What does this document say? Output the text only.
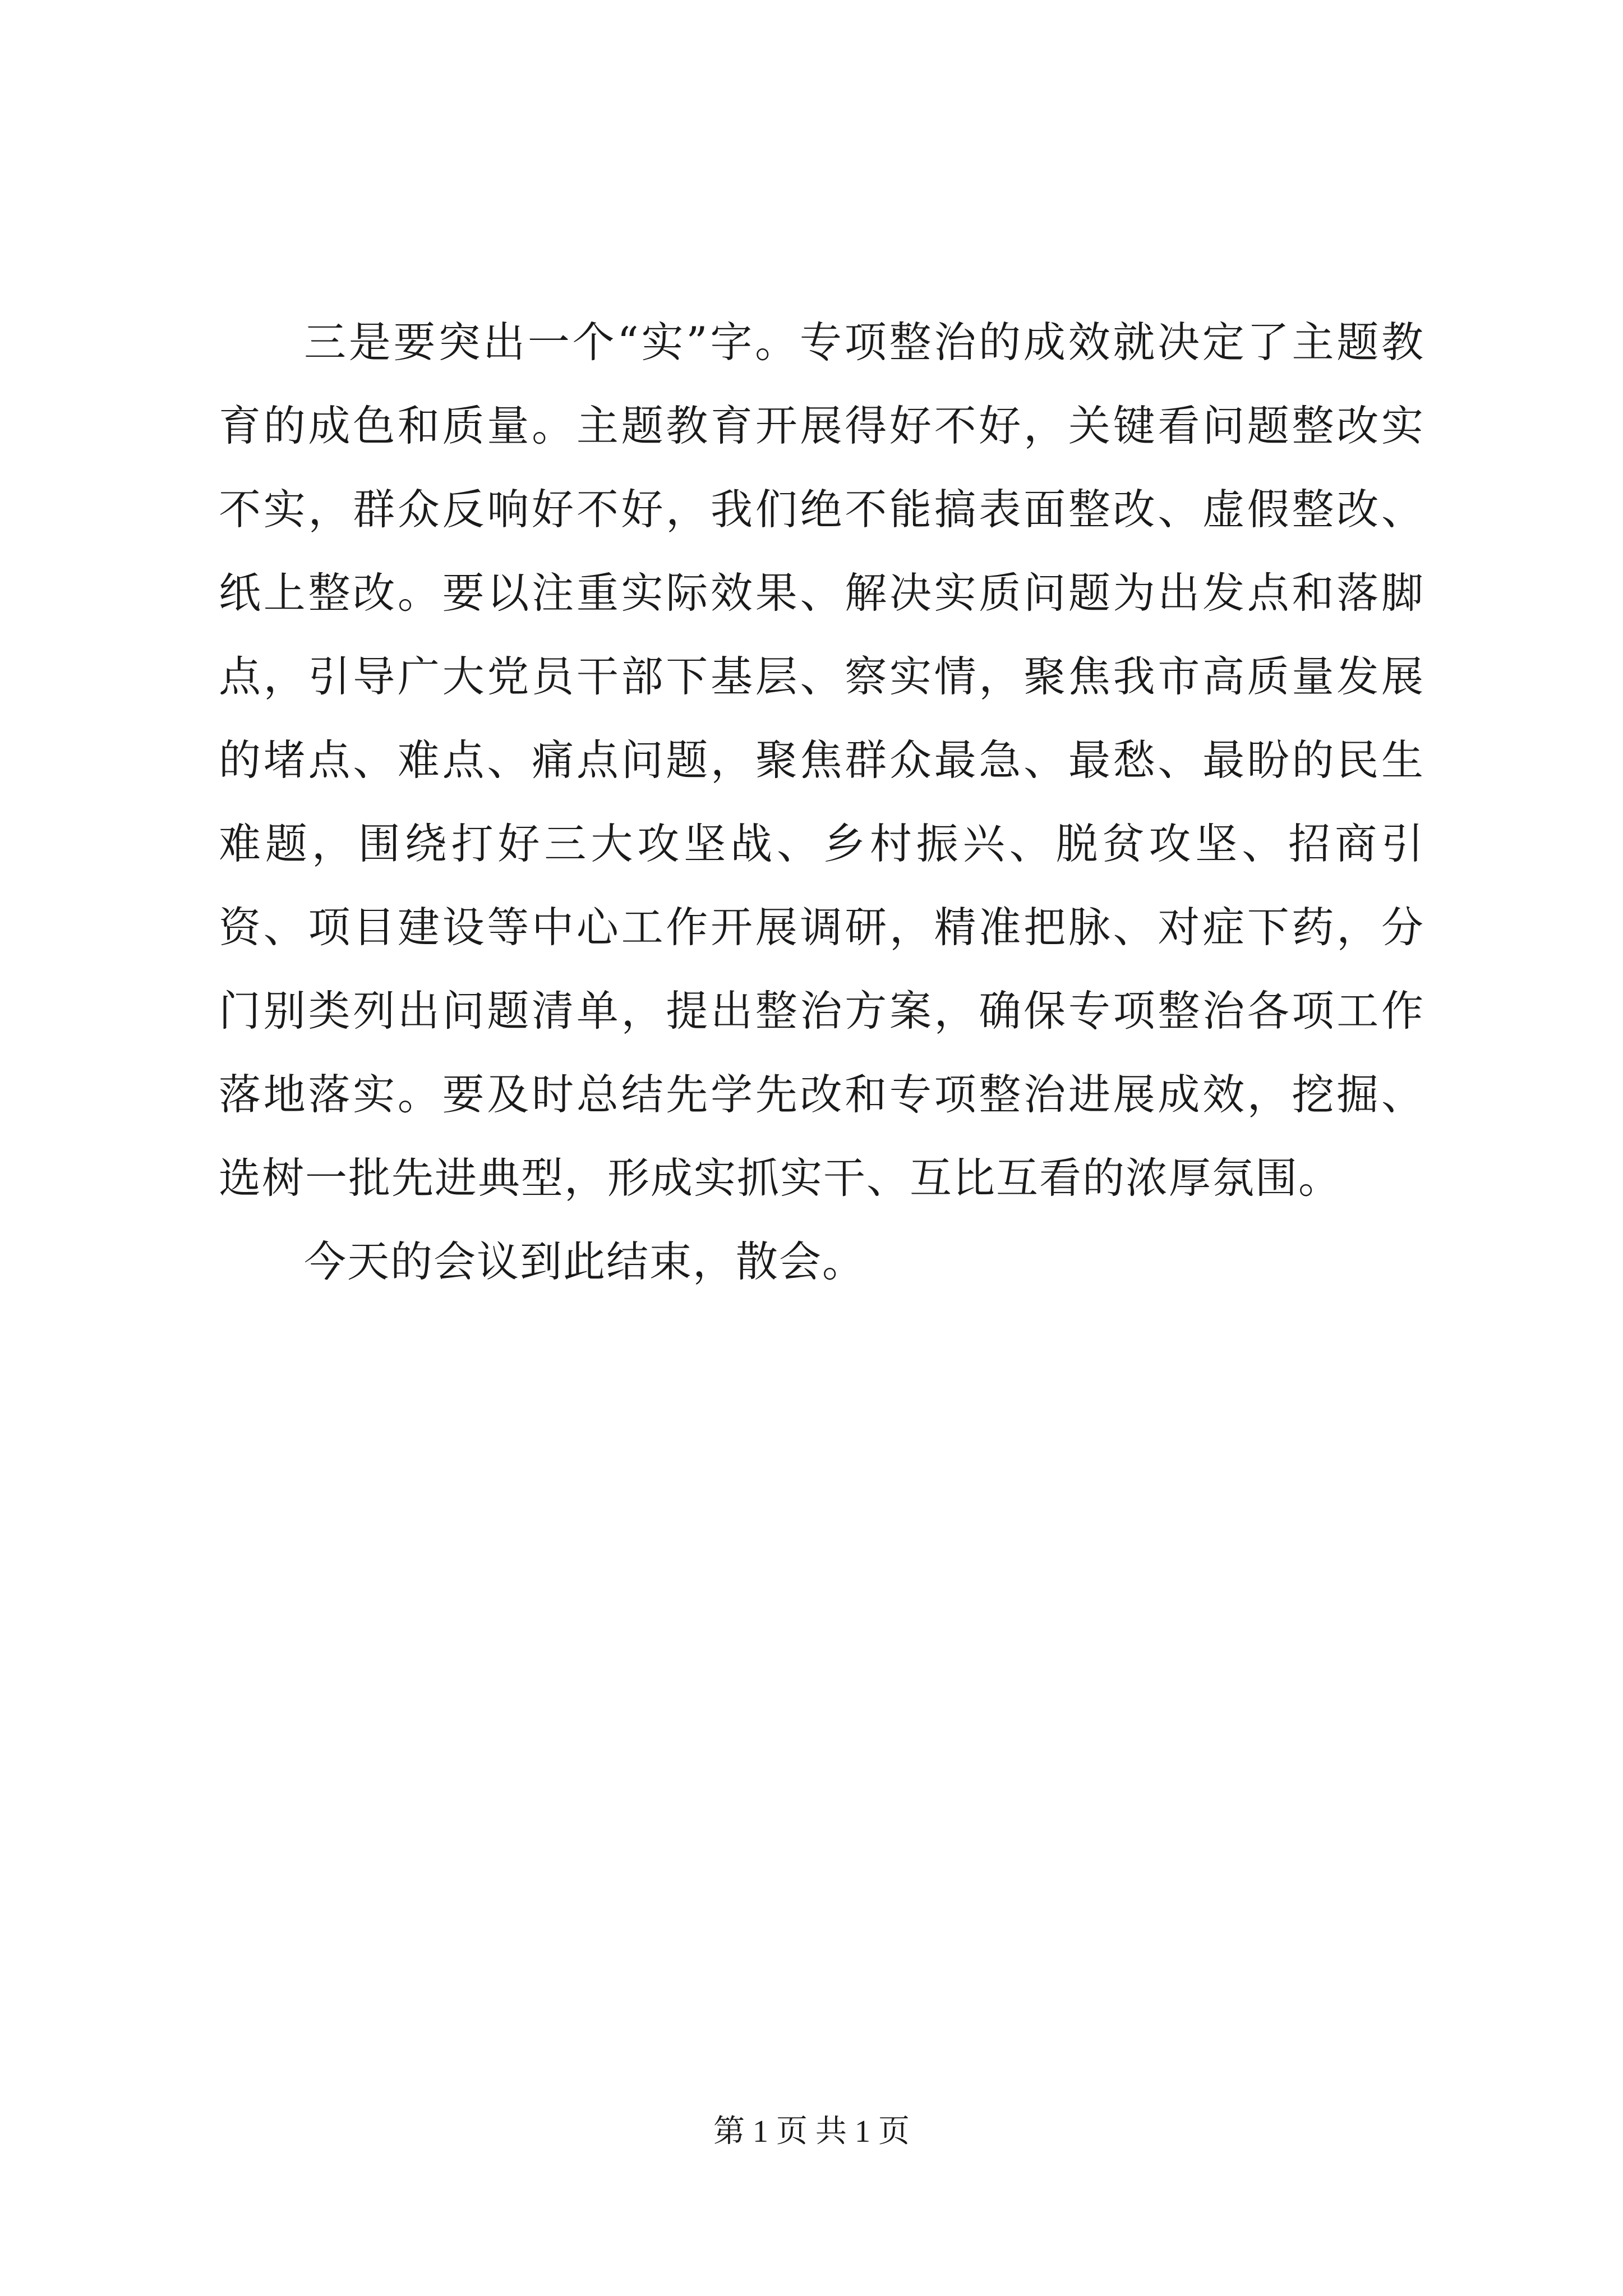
三是要突出一个“实”字。专项整治的成效就决定了主题教育的成色和质量。主题教育开展得好不好，关键看问题整改实不实，群众反响好不好，我们绝不能搞表面整改、虚假整改、纸上整改。要以注重实际效果、解决实质问题为出发点和落脚点，引导广大党员干部下基层、察实情，聚焦我市高质量发展的堵点、难点、痛点问题，聚焦群众最急、最愁、最盼的民生难题，围绕打好三大攻坚战、乡村振兴、脱贫攻坚、招商引资、项目建设等中心工作开展调研，精准把脉、对症下药，分门别类列出问题清单，提出整治方案，确保专项整治各项工作落地落实。要及时总结先学先改和专项整治进展成效，挖掘、选树一批先进典型，形成实抓实干、互比互看的浓厚氛围。

今天的会议到此结束，散会。

第 1 页 共 1 页
